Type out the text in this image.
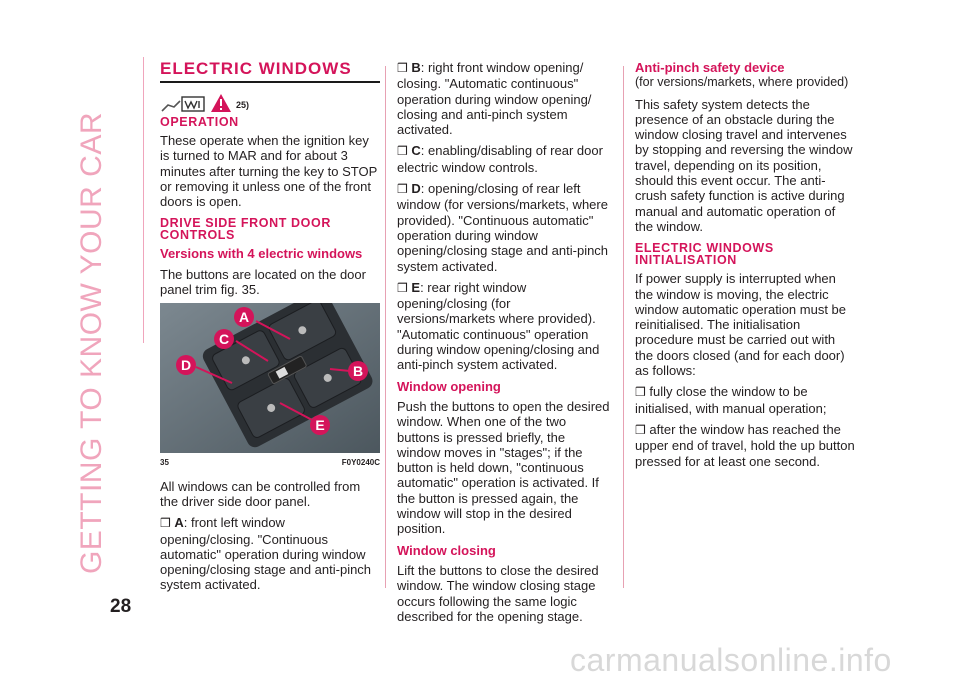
GETTING TO KNOW YOUR CAR
28
ELECTRIC WINDOWS
25)
OPERATION

These operate when the ignition key is turned to MAR and for about 3 minutes after turning the key to STOP or removing it unless one of the front doors is open.

DRIVE SIDE FRONT DOOR CONTROLS
Versions with 4 electric windows

The buttons are located on the door panel trim fig. 35.

A
C
D	B
E
35	F0Y0240C

All windows can be controlled from the driver side door panel.

❒ A: front left window opening/closing. "Continuous automatic" operation during window opening/closing stage and anti-pinch system activated.
❒ B: right front window opening/ closing. "Automatic continuous" operation during window opening/ closing and anti-pinch system activated.
❒ C: enabling/disabling of rear door electric window controls.
❒ D: opening/closing of rear left window (for versions/markets, where provided). "Continuous automatic" operation during window opening/closing stage and anti-pinch system activated.
❒ E: rear right window opening/closing (for versions/markets where provided). "Automatic continuous" operation during window opening/closing and anti-pinch system activated.
Window opening

Push the buttons to open the desired window. When one of the two buttons is pressed briefly, the window moves in "stages"; if the button is held down, "continuous automatic" operation is activated. If the button is pressed again, the window will stop in the desired position.

Window closing

Lift the buttons to close the desired window. The window closing stage occurs following the same logic described for the opening stage.

Anti-pinch safety device
(for versions/markets, where provided)

This safety system detects the presence of an obstacle during the window closing travel and intervenes by stopping and reversing the window travel, depending on its position, should this event occur. The anti-crush safety function is active during manual and automatic operation of the window.

ELECTRIC WINDOWS INITIALISATION

If power supply is interrupted when the window is moving, the electric window automatic operation must be reinitialised. The initialisation procedure must be carried out with the doors closed (and for each door) as follows:

❒ fully close the window to be initialised, with manual operation;
❒ after the window has reached the upper end of travel, hold the up button pressed for at least one second.
carmanualsonline.info
